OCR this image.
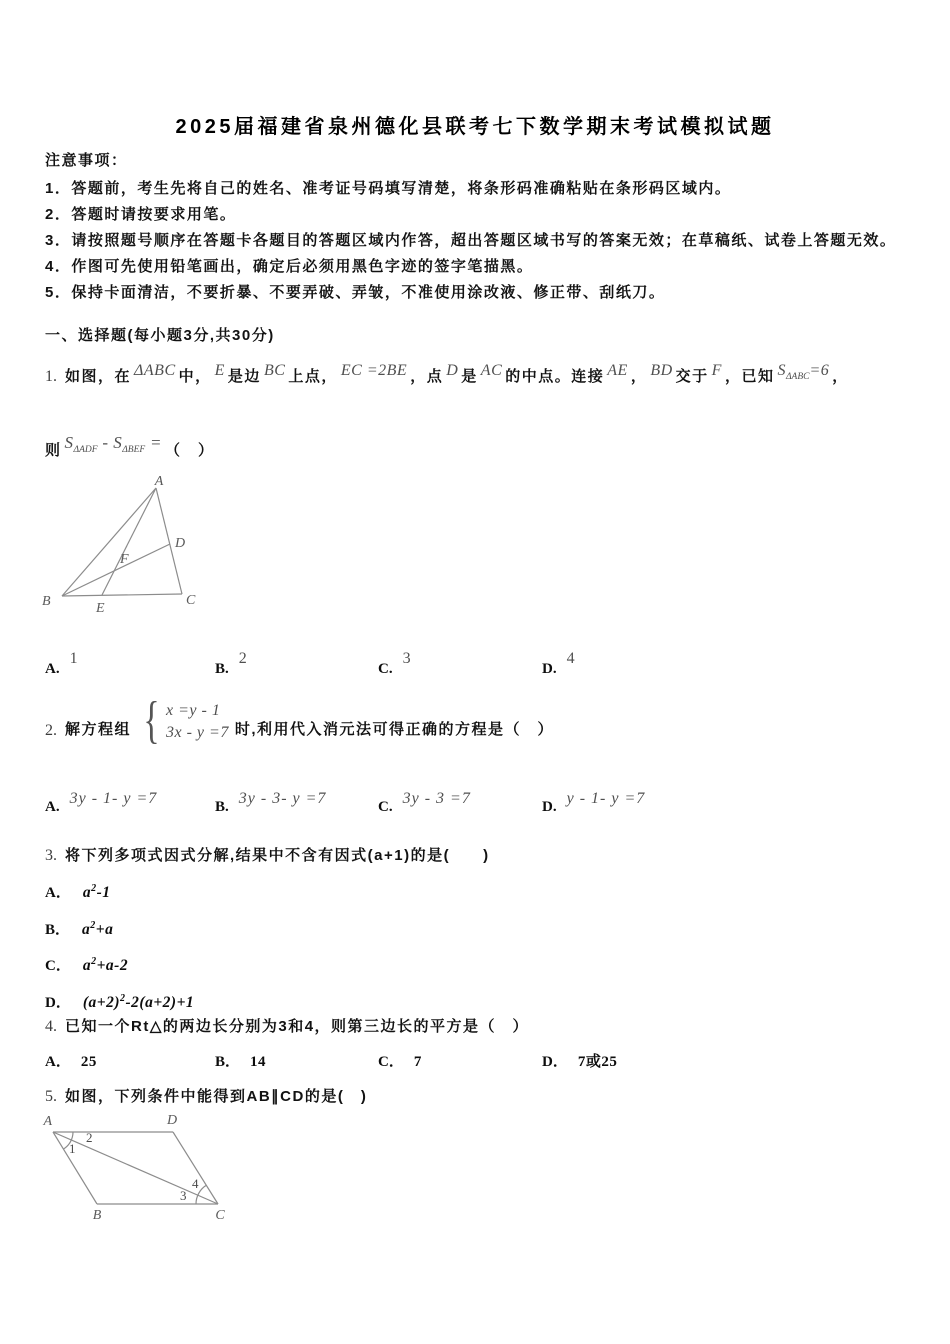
2025届福建省泉州德化县联考七下数学期末考试模拟试题
注意事项：
1．答题前，考生先将自己的姓名、准考证号码填写清楚，将条形码准确粘贴在条形码区域内。
2．答题时请按要求用笔。
3．请按照题号顺序在答题卡各题目的答题区域内作答，超出答题区域书写的答案无效；在草稿纸、试卷上答题无效。
4．作图可先使用铅笔画出，确定后必须用黑色字迹的签字笔描黑。
5．保持卡面清洁，不要折暴、不要弄破、弄皱，不准使用涂改液、修正带、刮纸刀。
一、选择题(每小题3分,共30分)
1. 如图，在 ΔABC 中， E 是边 BC 上点， EC =2BE ，点 D 是 AC 的中点。连接 AE ， BD 交于 F ，已知 $S_{\Delta ABC}=6$ ，
则 $S_{\Delta ADF} - S_{\Delta BEF}$ = （　）
A
B	C
D
E
F
A.1
B.2
C.3
D.4
2. 解方程组 { x =y - 1
3x - y =7 时,利用代入消元法可得正确的方程是（　）
A. 3y - 1- y =7	B. 3y - 3- y =7	C. 3y - 3 =7	D. y - 1- y =7
3. 将下列多项式因式分解,结果中不含有因式(a+1)的是(　　)
A． $a^2-1$
B． $a^2+a$
C． $a^2+a-2$
D． $(a+2)^2-2(a+2)+1$
4. 已知一个Rt△的两边长分别为3和4，则第三边长的平方是（　）
A． 25	B． 14	C． 7	D． 7或25
5. 如图，下列条件中能得到AB∥CD的是(　)
A	D
B	C
1
2
3
4
